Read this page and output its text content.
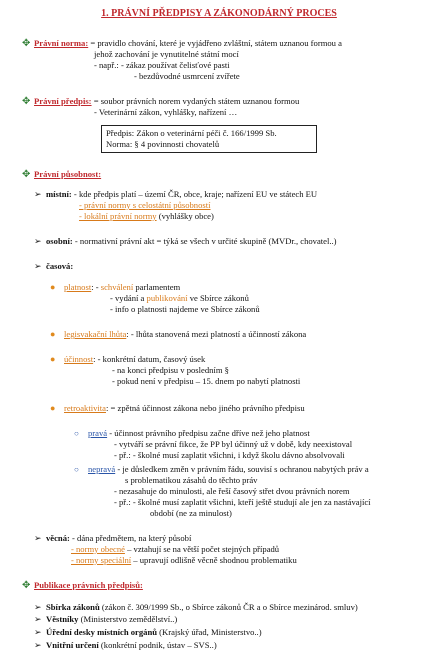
1. PRÁVNÍ PŘEDPISY A ZÁKONODÁRNÝ PROCES
✥ Právní norma: = pravidlo chování, které je vyjádřeno zvláštní, státem uznanou formou a
jehož zachování je vynutitelné státní mocí
- např.: - zákaz používat čelisťové pasti
- bezdůvodné usmrcení zvířete
✥ Právní předpis: = soubor právních norem vydaných státem uznanou formou
- Veterinární zákon, vyhlášky, nařízení …
Předpis: Zákon o veterinární péči č. 166/1999 Sb.
Norma: § 4 povinnosti chovatelů
✥ Právní působnost:
➢ místní: - kde předpis platí – území ČR, obce, kraje; nařízení EU ve státech EU
- právní normy s celostátní působností
- lokální právní normy (vyhlášky obce)
➢ osobní: - normativní právní akt = týká se všech v určité skupině (MVDr., chovatel..)
➢ časová:
● platnost: - schválení parlamentem
- vydání a publikování ve Sbírce zákonů
- info o platnosti najdeme ve Sbírce zákonů
● legisvakační lhůta: - lhůta stanovená mezi platností a účinností zákona
● účinnost: - konkrétní datum, časový úsek
- na konci předpisu v posledním §
- pokud není v předpisu – 15. dnem po nabytí platnosti
● retroaktivita: = zpětná účinnost zákona nebo jiného právního předpisu
○ pravá - účinnost právního předpisu začne dříve než jeho platnost
- vytváří se právní fikce, že PP byl účinný už v době, kdy neexistoval
- př.: - školné musí zaplatit všichni, i když školu dávno absolvovali
○ nepravá - je důsledkem změn v právním řádu, souvisí s ochranou nabytých práv a
s problematikou zásahů do těchto práv
- nezasahuje do minulosti, ale řeší časový střet dvou právních norem
- př.: - školné musí zaplatit všichni, kteří ještě studují ale jen za nastávající
období (ne za minulost)
➢ věcná: - dána předmětem, na který působí
- normy obecné – vztahují se na větší počet stejných případů
- normy speciální – upravují odlišně věcně shodnou problematiku
✥ Publikace právních předpisů:
➢ Sbírka zákonů (zákon č. 309/1999 Sb., o Sbírce zákonů ČR a o Sbírce mezinárod. smluv)
➢ Věstníky (Ministerstvo zemědělství..)
➢ Úřední desky místních orgánů (Krajský úřad, Ministerstvo..)
➢ Vnitřní určení (konkrétní podnik, ústav – SVS..)
